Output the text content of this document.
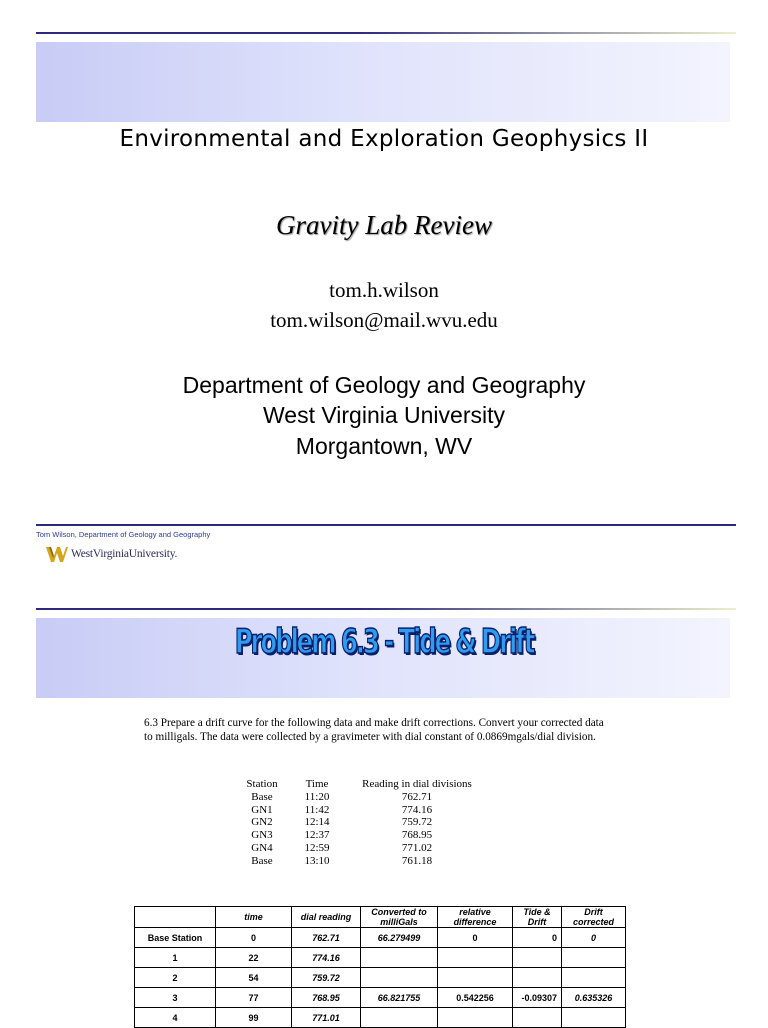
Environmental and Exploration Geophysics II
Gravity Lab Review
tom.h.wilson
tom.wilson@mail.wvu.edu
Department of Geology and Geography
West Virginia University
Morgantown, WV
Tom Wilson, Department of Geology and Geography
WestVirginiaUniversity.
Problem 6.3 - Tide & Drift
6.3 Prepare a drift curve for the following data and make drift corrections. Convert your corrected data to milligals. The data were collected by a gravimeter with dial constant of 0.0869mgals/dial division.
Station	Time	Reading in dial divisions
Base	11:20	762.71
GN1	11:42	774.16
GN2	12:14	759.72
GN3	12:37	768.95
GN4	12:59	771.02
Base	13:10	761.18
	time	dial reading	Converted to milliGals	relative difference	Tide & Drift	Drift corrected
Base Station	0	762.71	66.279499	0	0	0
1	22	774.16				
2	54	759.72				
3	77	768.95	66.821755	0.542256	-0.09307	0.635326
4	99	771.01				
